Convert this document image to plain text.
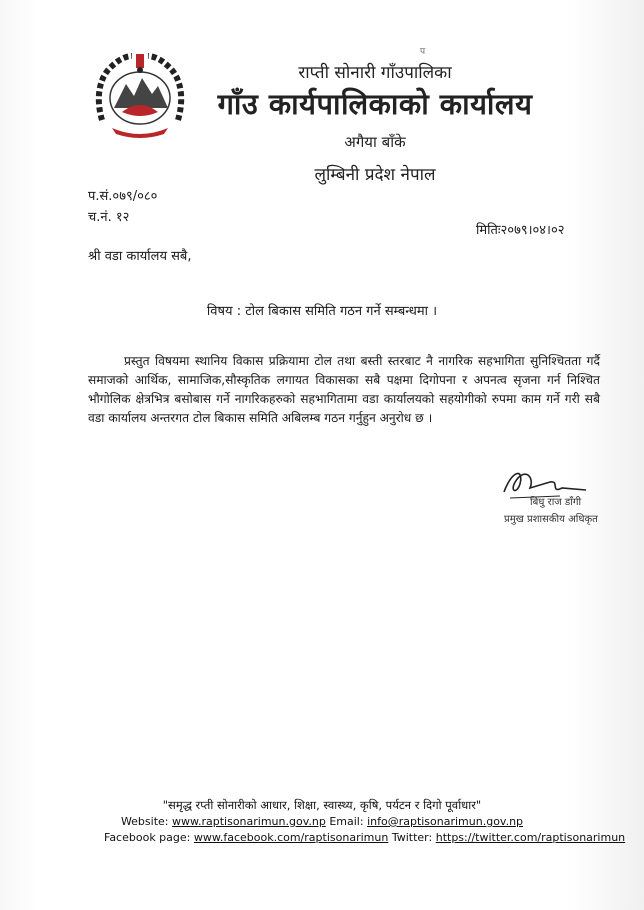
प
राप्ती सोनारी गाँउपालिका
गाँउ कार्यपालिकाको कार्यालय
अगैया बाँके
लुम्बिनी प्रदेश नेपाल
प.सं.०७९/०८०
च.नं. १२
मितिः२०७९।०४।०२
श्री वडा कार्यालय सबै,
विषय : टोल बिकास समिति गठन गर्ने सम्बन्धमा ।
प्रस्तुत विषयमा स्थानिय विकास प्रक्रियामा टोल तथा बस्ती स्तरबाट नै नागरिक सहभागिता सुनिश्चितता गर्दै समाजको आर्थिक, सामाजिक,सौस्कृतिक लगायत विकासका सबै पक्षमा दिगोपना र अपनत्व सृजना गर्न निश्चित भौगोलिक क्षेत्रभित्र बसोबास गर्ने नागरिकहरुको सहभागितामा वडा कार्यालयको सहयोगीको रुपमा काम गर्ने गरी सबै वडा कार्यालय अन्तरगत टोल बिकास समिति अबिलम्ब गठन गर्नुहुन अनुरोध छ ।
बिधु राज डाँगी
प्रमुख प्रशासकीय अधिकृत
"समृद्ध रप्ती सोनारीको आधार, शिक्षा, स्वास्थ्य, कृषि, पर्यटन र दिगो पूर्वाधार"
Website: www.raptisonarimun.gov.np Email: info@raptisonarimun.gov.np
Facebook page: www.facebook.com/raptisonarimun Twitter: https://twitter.com/raptisonarimun
